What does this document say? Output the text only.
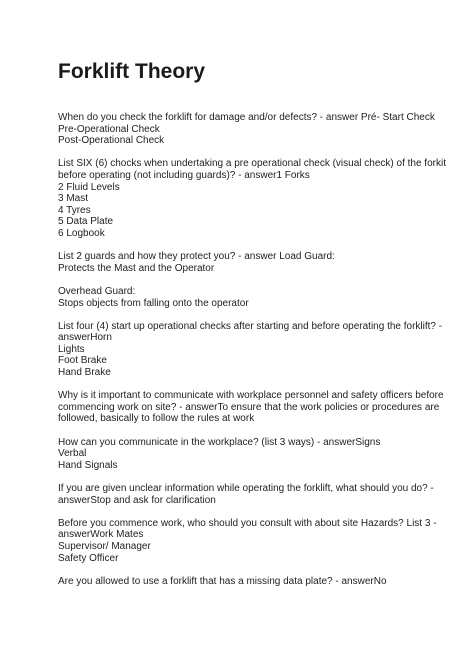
Forklift Theory
When do you check the forklift for damage and/or defects? - answer Pré- Start Check
Pre-Operational Check
Post-Operational Check
List SIX (6) chocks when undertaking a pre operational check (visual check) of the forkit
before operating (not including guards)? - answer1 Forks
2 Fluid Levels
3 Mast
4 Tyres
5 Data Plate
6 Logbook
List 2 guards and how they protect you? - answer Load Guard:
Protects the Mast and the Operator
Overhead Guard:
Stops objects from falling onto the operator
List four (4) start up operational checks after starting and before operating the forklift? -
answerHorn
Lights
Foot Brake
Hand Brake
Why is it important to communicate with workplace personnel and safety officers before
commencing work on site? - answerTo ensure that the work policies or procedures are
followed, basically to follow the rules at work
How can you communicate in the workplace? (list 3 ways) - answerSigns
Verbal
Hand Signals
If you are given unclear information while operating the forklift, what should you do? -
answerStop and ask for clarification
Before you commence work, who should you consult with about site Hazards? List 3 -
answerWork Mates
Supervisor/ Manager
Safety Officer
Are you allowed to use a forklift that has a missing data plate? - answerNo
